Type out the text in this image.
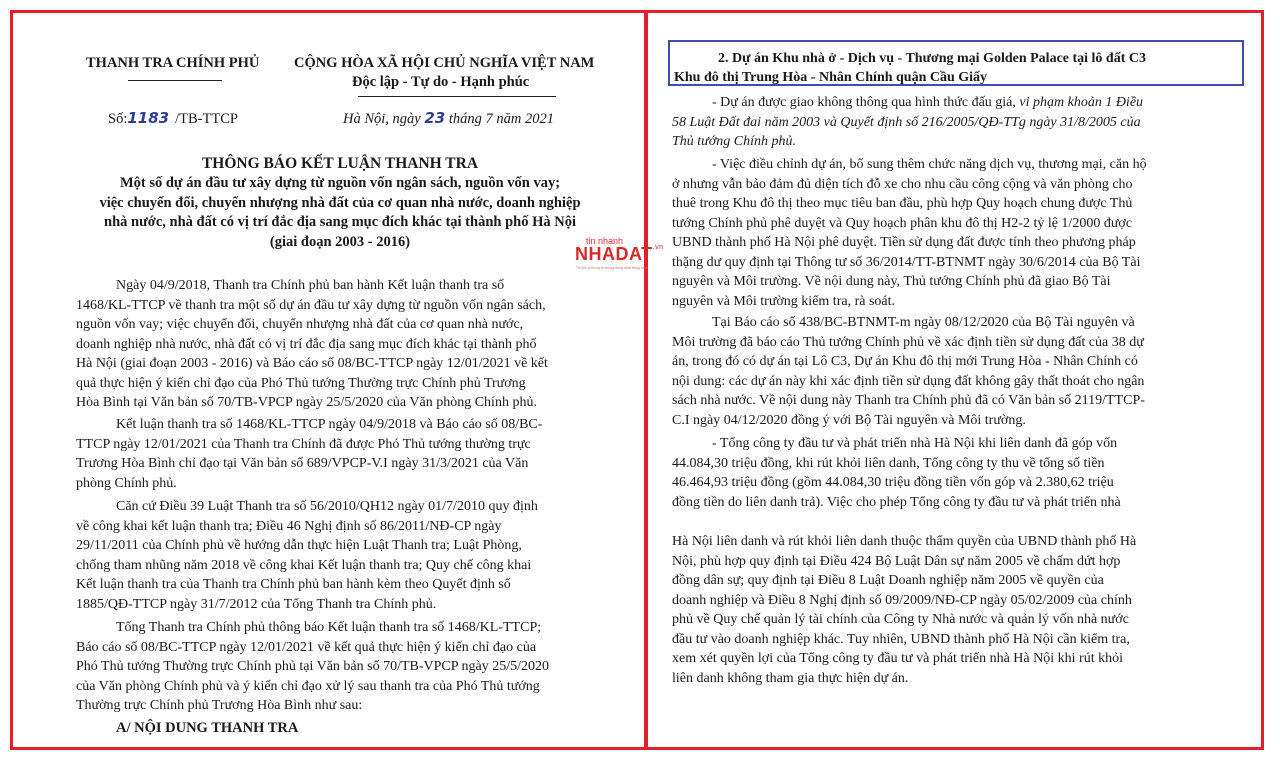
THANH TRA CHÍNH PHỦ CỘNG HÒA XÃ HỘI CHỦ NGHĨA VIỆT NAM
Độc lập - Tự do - Hạnh phúc
Số:1183 /TB-TTCP	Hà Nội, ngày 23 tháng 7 năm 2021
THÔNG BÁO KẾT LUẬN THANH TRA
Một số dự án đầu tư xây dựng từ nguồn vốn ngân sách, nguồn vốn vay;
việc chuyển đổi, chuyển nhượng nhà đất của cơ quan nhà nước, doanh nghiệp
nhà nước, nhà đất có vị trí đắc địa sang mục đích khác tại thành phố Hà Nội
(giai đoạn 2003 - 2016)	tin nhanh
$NHADAT^{.vn}$
Tin tức & thông tin thông dụng nhất trong năm
Ngày 04/9/2018, Thanh tra Chính phủ ban hành Kết luận thanh tra số
1468/KL-TTCP về thanh tra một số dự án đầu tư xây dựng từ nguồn vốn ngân sách,
nguồn vốn vay; việc chuyển đổi, chuyển nhượng nhà đất của cơ quan nhà nước,
doanh nghiệp nhà nước, nhà đất có vị trí đắc địa sang mục đích khác tại thành phố
Hà Nội (giai đoạn 2003 - 2016) và Báo cáo số 08/BC-TTCP ngày 12/01/2021 về kết
quả thực hiện ý kiến chỉ đạo của Phó Thủ tướng Thường trực Chính phủ Trương
Hòa Bình tại Văn bản số 70/TB-VPCP ngày 25/5/2020 của Văn phòng Chính phủ.
Kết luận thanh tra số 1468/KL-TTCP ngày 04/9/2018 và Báo cáo số 08/BC-
TTCP ngày 12/01/2021 của Thanh tra Chính đã được Phó Thủ tướng thường trực
Trương Hòa Bình chỉ đạo tại Văn bản số 689/VPCP-V.I ngày 31/3/2021 của Văn
phòng Chính phủ.
Căn cứ Điều 39 Luật Thanh tra số 56/2010/QH12 ngày 01/7/2010 quy định
về công khai kết luận thanh tra; Điều 46 Nghị định số 86/2011/NĐ-CP ngày
29/11/2011 của Chính phủ về hướng dẫn thực hiện Luật Thanh tra; Luật Phòng,
chống tham nhũng năm 2018 về công khai Kết luận thanh tra; Quy chế công khai
Kết luận thanh tra của Thanh tra Chính phủ ban hành kèm theo Quyết định số
1885/QĐ-TTCP ngày 31/7/2012 của Tổng Thanh tra Chính phủ.
Tổng Thanh tra Chính phủ thông báo Kết luận thanh tra số 1468/KL-TTCP;
Báo cáo số 08/BC-TTCP ngày 12/01/2021 về kết quả thực hiện ý kiến chỉ đạo của
Phó Thủ tướng Thường trực Chính phủ tại Văn bản số 70/TB-VPCP ngày 25/5/2020
của Văn phòng Chính phủ và ý kiến chỉ đạo xử lý sau thanh tra của Phó Thủ tướng
Thường trực Chính phủ Trương Hòa Bình như sau:
A/ NỘI DUNG THANH TRA
2. Dự án Khu nhà ở - Dịch vụ - Thương mại Golden Palace tại lô đất C3
Khu đô thị Trung Hòa - Nhân Chính quận Cầu Giấy
- Dự án được giao không thông qua hình thức đấu giá, vi phạm khoản 1 Điều
58 Luật Đất đai năm 2003 và Quyết định số 216/2005/QĐ-TTg ngày 31/8/2005 của
Thủ tướng Chính phủ.
- Việc điều chỉnh dự án, bổ sung thêm chức năng dịch vụ, thương mại, căn hộ
ở nhưng vẫn bảo đảm đủ diện tích đỗ xe cho nhu cầu công cộng và văn phòng cho
thuê trong Khu đô thị theo mục tiêu ban đầu, phù hợp Quy hoạch chung được Thủ
tướng Chính phủ phê duyệt và Quy hoạch phân khu đô thị H2-2 tỷ lệ 1/2000 được
UBND thành phố Hà Nội phê duyệt. Tiền sử dụng đất được tính theo phương pháp
thặng dư quy định tại Thông tư số 36/2014/TT-BTNMT ngày 30/6/2014 của Bộ Tài
nguyên và Môi trường. Về nội dung này, Thủ tướng Chính phủ đã giao Bộ Tài
nguyên và Môi trường kiểm tra, rà soát.
Tại Báo cáo số 438/BC-BTNMT-m ngày 08/12/2020 của Bộ Tài nguyên và
Môi trường đã báo cáo Thủ tướng Chính phủ về xác định tiền sử dụng đất của 38 dự
án, trong đó có dự án tại Lô C3, Dự án Khu đô thị mới Trung Hòa - Nhân Chính có
nội dung: các dự án này khi xác định tiền sử dụng đất không gây thất thoát cho ngân
sách nhà nước. Về nội dung này Thanh tra Chính phủ đã có Văn bản số 2119/TTCP-
C.I ngày 04/12/2020 đồng ý với Bộ Tài nguyên và Môi trường.
- Tổng công ty đầu tư và phát triển nhà Hà Nội khi liên danh đã góp vốn
44.084,30 triệu đồng, khi rút khỏi liên danh, Tổng công ty thu về tổng số tiền
46.464,93 triệu đồng (gồm 44.084,30 triệu đồng tiền vốn góp và 2.380,62 triệu
đồng tiền do liên danh trả). Việc cho phép Tổng công ty đầu tư và phát triển nhà
Hà Nội liên danh và rút khỏi liên danh thuộc thẩm quyền của UBND thành phố Hà
Nội, phù hợp quy định tại Điều 424 Bộ Luật Dân sự năm 2005 về chấm dứt hợp
đồng dân sự; quy định tại Điều 8 Luật Doanh nghiệp năm 2005 về quyền của
doanh nghiệp và Điều 8 Nghị định số 09/2009/NĐ-CP ngày 05/02/2009 của chính
phủ về Quy chế quản lý tài chính của Công ty Nhà nước và quản lý vốn nhà nước
đầu tư vào doanh nghiệp khác. Tuy nhiên, UBND thành phố Hà Nội cần kiểm tra,
xem xét quyền lợi của Tổng công ty đầu tư và phát triển nhà Hà Nội khi rút khỏi
liên danh không tham gia thực hiện dự án.
